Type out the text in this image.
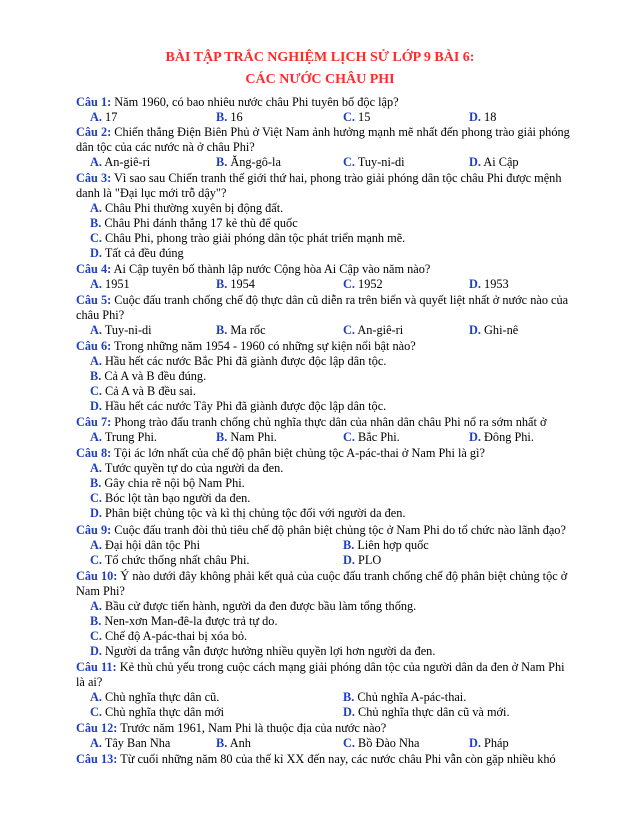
BÀI TẬP TRẮC NGHIỆM LỊCH SỬ LỚP 9 BÀI 6:
CÁC NƯỚC CHÂU PHI
Câu 1: Năm 1960, có bao nhiêu nước châu Phi tuyên bố độc lập?
A. 17	B. 16	C. 15	D. 18
Câu 2: Chiến thắng Điện Biên Phủ ở Việt Nam ảnh hưởng mạnh mẽ nhất đến phong trào giải phóng
dân tộc của các nước nà ở châu Phi?
A. An-giê-ri	B. Ăng-gô-la	C. Tuy-ni-di	D. Ai Cập
Câu 3: Vì sao sau Chiến tranh thế giới thứ hai, phong trào giải phóng dân tộc châu Phi được mệnh
danh là "Đại lục mới trỗ dậy"?
A. Châu Phi thường xuyên bị động đất.
B. Châu Phi đánh thắng 17 kẻ thù để quốc
C. Châu Phi, phong trào giải phóng dân tộc phát triển mạnh mẽ.
D. Tất cả đều đúng
Câu 4: Ai Cập tuyên bố thành lập nước Cộng hòa Ai Cập vào năm nào?
A. 1951	B. 1954	C. 1952	D. 1953
Câu 5: Cuộc đấu tranh chống chế độ thực dân cũ diễn ra trên biển và quyết liệt nhất ở nước nào của
châu Phi?
A. Tuy-ni-di	B. Ma rốc	C. An-giê-ri	D. Ghi-nê
Câu 6: Trong những năm 1954 - 1960 có những sự kiện nổi bật nào?
A. Hầu hết các nước Bắc Phi đã giành được độc lập dân tộc.
B. Cả A và B đều đúng.
C. Cả A và B đều sai.
D. Hầu hết các nước Tây Phi đã giành được độc lập dân tộc.
Câu 7: Phong trào đấu tranh chống chủ nghĩa thực dân của nhân dân châu Phi nổ ra sớm nhất ở
A. Trung Phi.	B. Nam Phi.	C. Bắc Phi.	D. Đông Phi.
Câu 8: Tội ác lớn nhất của chế độ phân biệt chủng tộc A-pác-thai ở Nam Phi là gì?
A. Tước quyền tự do của người da đen.
B. Gây chia rẽ nội bộ Nam Phi.
C. Bóc lột tàn bạo người da đen.
D. Phân biệt chủng tộc và kì thị chủng tộc đối với người da đen.
Câu 9: Cuộc đấu tranh đòi thủ tiêu chế độ phân biệt chủng tộc ở Nam Phi do tổ chức nào lãnh đạo?
A. Đại hội dân tộc Phi	B. Liên hợp quốc
C. Tổ chức thống nhất châu Phi.	D. PLO
Câu 10: Ý nào dưới đây không phải kết quả của cuộc đấu tranh chống chế độ phân biệt chủng tộc ở
Nam Phi?
A. Bầu cử được tiến hành, người da đen được bầu làm tổng thống.
B. Nen-xơn Man-đê-la được trả tự do.
C. Chế độ A-pác-thai bị xóa bỏ.
D. Người da trắng vẫn được hưởng nhiều quyền lợi hơn người da đen.
Câu 11: Kẻ thù chủ yếu trong cuộc cách mạng giải phóng dân tộc của người dân da đen ở Nam Phi
là ai?
A. Chủ nghĩa thực dân cũ.	B. Chủ nghĩa A-pác-thai.
C. Chủ nghĩa thực dân mới	D. Chủ nghĩa thực dân cũ và mới.
Câu 12: Trước năm 1961, Nam Phi là thuộc địa của nước nào?
A. Tây Ban Nha	B. Anh	C. Bồ Đào Nha	D. Pháp
Câu 13: Từ cuối những năm 80 của thế kỉ XX đến nay, các nước châu Phi vẫn còn gặp nhiều khó
